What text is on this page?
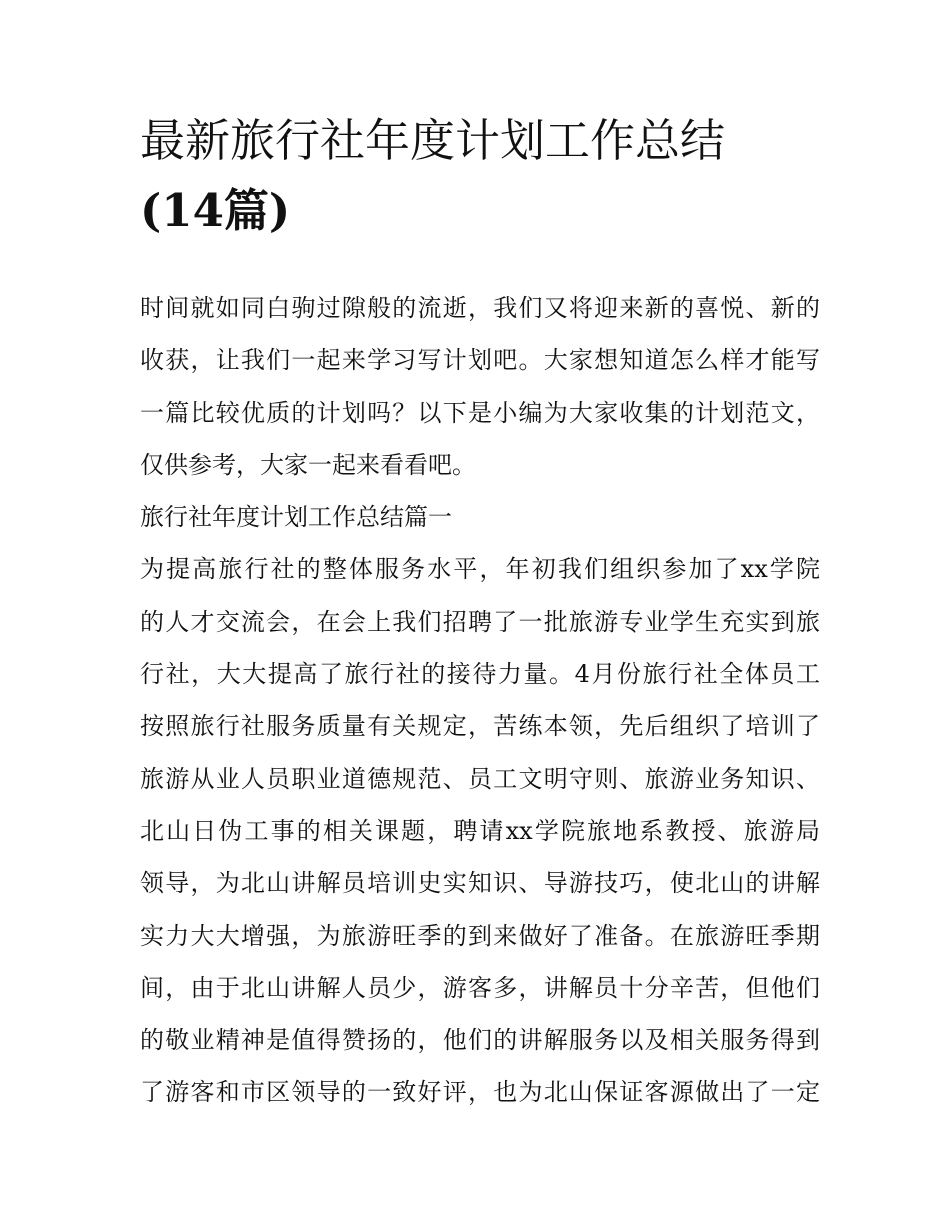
最新旅行社年度计划工作总结
(14篇)
时间就如同白驹过隙般的流逝，我们又将迎来新的喜悦、新的
收获，让我们一起来学习写计划吧。大家想知道怎么样才能写
一篇比较优质的计划吗？以下是小编为大家收集的计划范文，
仅供参考，大家一起来看看吧。
旅行社年度计划工作总结篇一
为提高旅行社的整体服务水平，年初我们组织参加了xx学院
的人才交流会，在会上我们招聘了一批旅游专业学生充实到旅
行社，大大提高了旅行社的接待力量。4月份旅行社全体员工
按照旅行社服务质量有关规定，苦练本领，先后组织了培训了
旅游从业人员职业道德规范、员工文明守则、旅游业务知识、
北山日伪工事的相关课题，聘请xx学院旅地系教授、旅游局
领导，为北山讲解员培训史实知识、导游技巧，使北山的讲解
实力大大增强，为旅游旺季的到来做好了准备。在旅游旺季期
间，由于北山讲解人员少，游客多，讲解员十分辛苦，但他们
的敬业精神是值得赞扬的，他们的讲解服务以及相关服务得到
了游客和市区领导的一致好评，也为北山保证客源做出了一定
